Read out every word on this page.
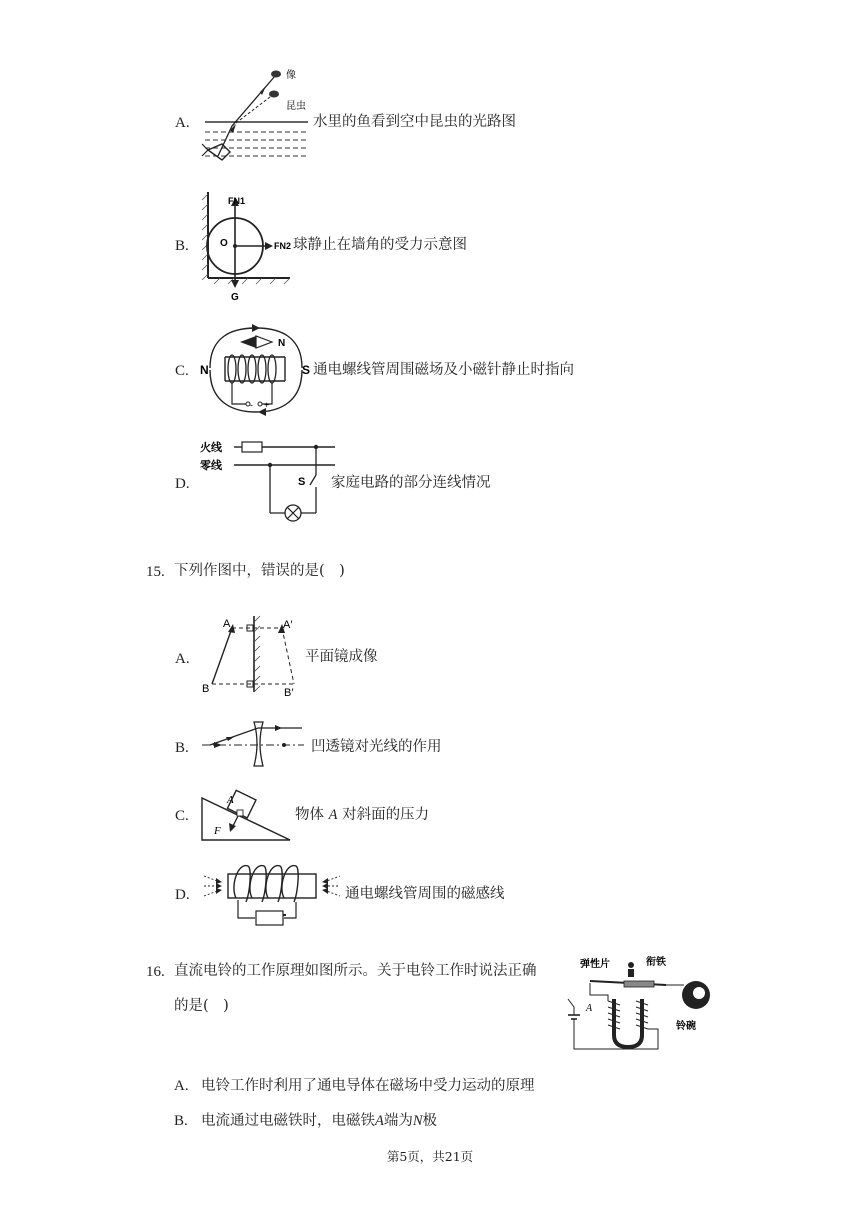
A.
像
昆虫
水里的鱼看到空中昆虫的光路图
B.
FN1
O	FN2
G
球静止在墙角的受力示意图
C. N	S
N
- +
通电螺线管周围磁场及小磁针静止时指向
D.
火线
零线
S 家庭电路的部分连线情况
15. 下列作图中，错误的是(　)
A.
A	A′
B	B′
平面镜成像
B.	凹透镜对光线的作用
C.
A
F
物体 A 对斜面的压力
D.	通电螺线管周围的磁感线
16. 直流电铃的工作原理如图所示。关于电铃工作时说法正确
的是(　)
弹性片	衔铁
铃碗
A
A. 电铃工作时利用了通电导体在磁场中受力运动的原理
B. 电流通过电磁铁时，电磁铁A端为N极
第5页，共21页
